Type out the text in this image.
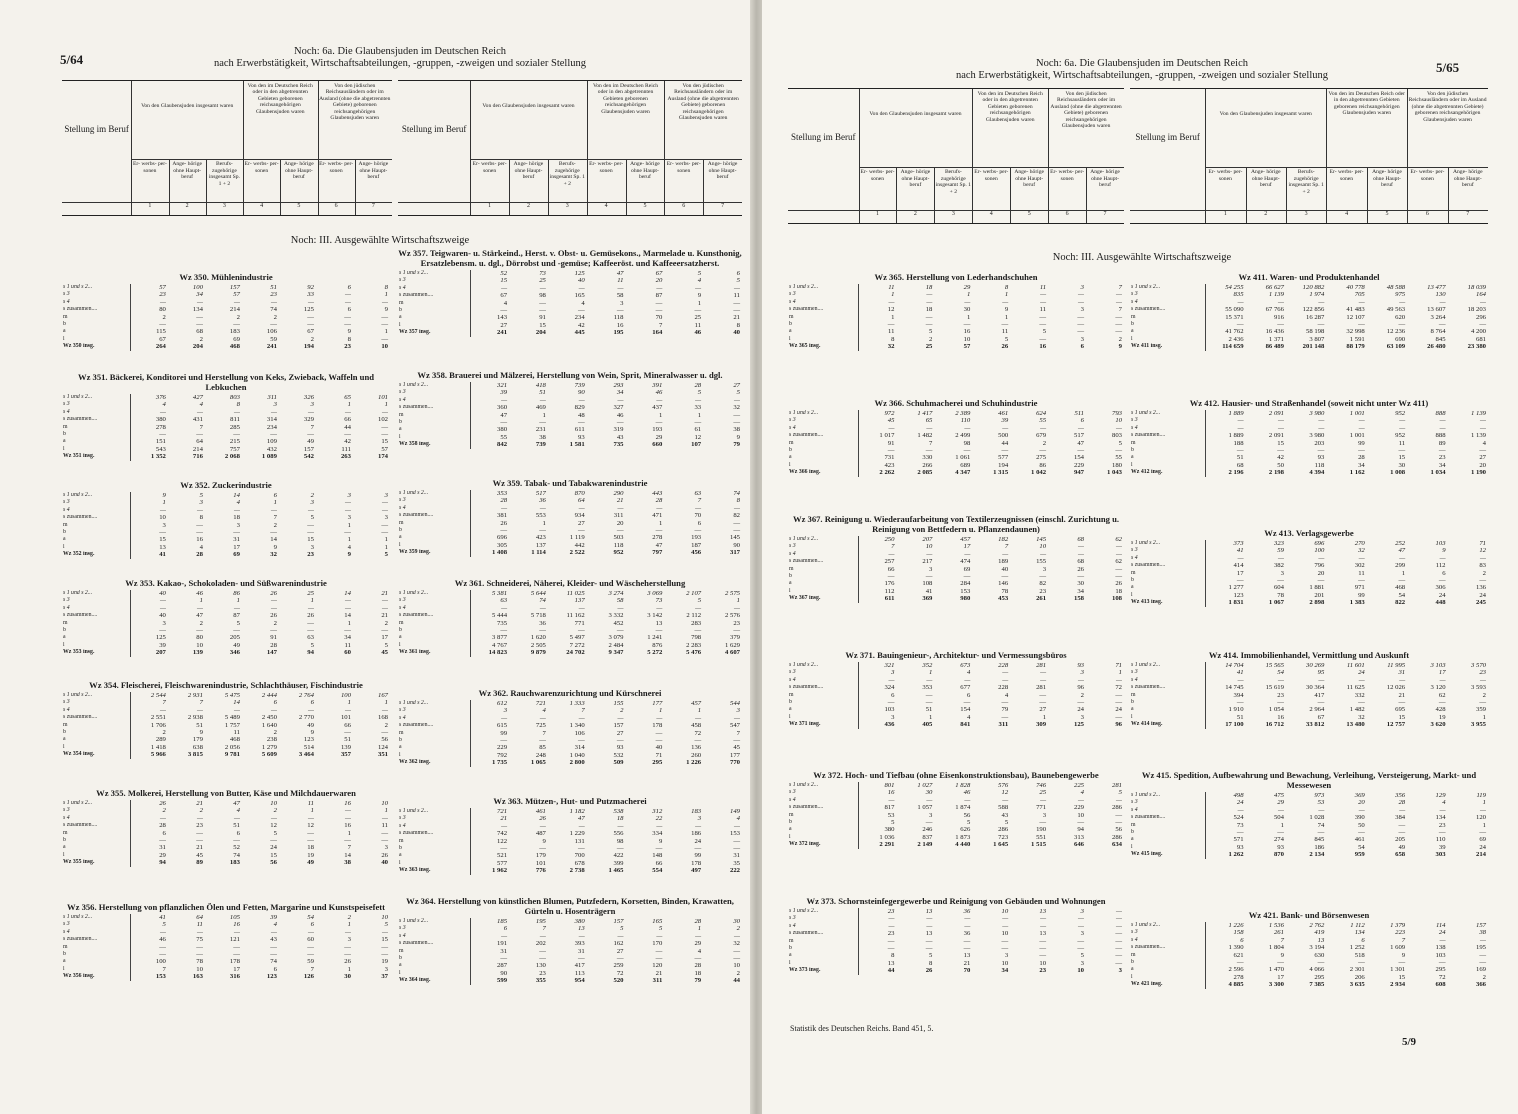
5/64
Noch: 6a. Die Glaubensjuden im Deutschen Reich
nach Erwerbstätigkeit, Wirtschaftsabteilungen, -gruppen, -zweigen und sozialer Stellung
Stellung im Beruf
Von den Glaubensjuden insgesamt waren
Von den im Deutschen Reich oder in den abgetrennten Gebieten geborenen reichsangehörigen Glaubensjuden waren
Von den jüdischen Reichsausländern oder im Ausland (ohne die abgetrennten Gebiete) geborenen reichsangehörigen Glaubensjuden waren
Er- werbs- per- sonen
1
Ange- hörige ohne Haupt- beruf
2
Berufs- zugehörige insgesamt Sp. 1 + 2
3
Er- werbs- per- sonen
4
Ange- hörige ohne Haupt- beruf
5
Er- werbs- per- sonen
6
Ange- hörige ohne Haupt- beruf
7
Stellung im Beruf
Von den Glaubensjuden insgesamt waren
Von den im Deutschen Reich oder in den abgetrennten Gebieten geborenen reichsangehörigen Glaubensjuden waren
Von den jüdischen Reichsausländern oder im Ausland (ohne die abgetrennten Gebiete) geborenen reichsangehörigen Glaubensjuden waren
Er- werbs- per- sonen
1
Ange- hörige ohne Haupt- beruf
2
Berufs- zugehörige insgesamt Sp. 1 + 2
3
Er- werbs- per- sonen
4
Ange- hörige ohne Haupt- beruf
5
Er- werbs- per- sonen
6
Ange- hörige ohne Haupt- beruf
7
Noch: III. Ausgewählte Wirtschaftszweige
Wz 350. Mühlenindustrie
s 1 und s 2...	57	100	157	51	92	6	8
s 3	23	34	57	23	33	—	1
s 4	—	—	—	—	—	—	—
s zusammen....	80	134	214	74	125	6	9
m	2	—	2	2	—	—	—
b	—	—	—	—	—	—	—
a	115	68	183	106	67	9	1
l	67	2	69	59	2	8	—
Wz 350 insg.	264	204	468	241	194	23	10
Wz 351. Bäckerei, Konditorei und Herstellung von Keks, Zwieback, Waffeln und Lebkuchen
s 1 und s 2...	376	427	803	311	326	65	101
s 3	4	4	8	3	3	1	1
s 4	—	—	—	—	—	—	—
s zusammen....	380	431	811	314	329	66	102
m	278	7	285	234	7	44	—
b	—	—	—	—	—	—	—
a	151	64	215	109	49	42	15
l	543	214	757	432	157	111	57
Wz 351 insg.	1 352	716	2 068	1 089	542	263	174
Wz 352. Zuckerindustrie
s 1 und s 2...	9	5	14	6	2	3	3
s 3	1	3	4	1	3	—	—
s 4	—	—	—	—	—	—	—
s zusammen....	10	8	18	7	5	3	3
m	3	—	3	2	—	1	—
b	—	—	—	—	—	—	—
a	15	16	31	14	15	1	1
l	13	4	17	9	3	4	1
Wz 352 insg.	41	28	69	32	23	9	5
Wz 353. Kakao-, Schokoladen- und Süßwarenindustrie
s 1 und s 2...	40	46	86	26	25	14	21
s 3	—	1	1	—	1	—	—
s 4	—	—	—	—	—	—	—
s zusammen....	40	47	87	26	26	14	21
m	3	2	5	2	—	1	2
b	—	—	—	—	—	—	—
a	125	80	205	91	63	34	17
l	39	10	49	28	5	11	5
Wz 353 insg.	207	139	346	147	94	60	45
Wz 354. Fleischerei, Fleischwarenindustrie, Schlachthäuser, Fischindustrie
s 1 und s 2...	2 544	2 931	5 475	2 444	2 764	100	167
s 3	7	7	14	6	6	1	1
s 4	—	—	—	—	—	—	—
s zusammen....	2 551	2 938	5 489	2 450	2 770	101	168
m	1 706	51	1 757	1 640	49	66	2
b	2	9	11	2	9	—	—
a	289	179	468	238	123	51	56
l	1 418	638	2 056	1 279	514	139	124
Wz 354 insg.	5 966	3 815	9 781	5 609	3 464	357	351
Wz 355. Molkerei, Herstellung von Butter, Käse und Milchdauerwaren
s 1 und s 2...	26	21	47	10	11	16	10
s 3	2	2	4	2	1	—	1
s 4	—	—	—	—	—	—	—
s zusammen....	28	23	51	12	12	16	11
m	6	—	6	5	—	1	—
b	—	—	—	—	—	—	—
a	31	21	52	24	18	7	3
l	29	45	74	15	19	14	26
Wz 355 insg.	94	89	183	56	49	38	40
Wz 356. Herstellung von pflanzlichen Ölen und Fetten, Margarine und Kunstspeisefett
s 1 und s 2...	41	64	105	39	54	2	10
s 3	5	11	16	4	6	1	5
s 4	—	—	—	—	—	—	—
s zusammen....	46	75	121	43	60	3	15
m	—	—	—	—	—	—	—
b	—	—	—	—	—	—	—
a	100	78	178	74	59	26	19
l	7	10	17	6	7	1	3
Wz 356 insg.	153	163	316	123	126	30	37
Wz 357. Teigwaren- u. Stärkeind., Herst. v. Obst- u. Gemüsekons., Marmelade u. Kunsthonig, Ersatzlebensm. u. dgl., Dörrobst und -gemüse; Kaffeeröst. und Kaffeeersatzherst.
s 1 und s 2...	52	73	125	47	67	5	6
s 3	15	25	40	11	20	4	5
s 4	—	—	—	—	—	—	—
s zusammen....	67	98	165	58	87	9	11
m	4	—	4	3	—	1	—
b	—	—	—	—	—	—	—
a	143	91	234	118	70	25	21
l	27	15	42	16	7	11	8
Wz 357 insg.	241	204	445	195	164	46	40
Wz 358. Brauerei und Mälzerei, Herstellung von Wein, Sprit, Mineralwasser u. dgl.
s 1 und s 2...	321	418	739	293	391	28	27
s 3	39	51	90	34	46	5	5
s 4	—	—	—	—	—	—	—
s zusammen....	360	469	829	327	437	33	32
m	47	1	48	46	1	1	—
b	—	—	—	—	—	—	—
a	380	231	611	319	193	61	38
l	55	38	93	43	29	12	9
Wz 358 insg.	842	739	1 581	735	660	107	79
Wz 359. Tabak- und Tabakwarenindustrie
s 1 und s 2...	353	517	870	290	443	63	74
s 3	28	36	64	21	28	7	8
s 4	—	—	—	—	—	—	—
s zusammen....	381	553	934	311	471	70	82
m	26	1	27	20	1	6	—
b	—	—	—	—	—	—	—
a	696	423	1 119	503	278	193	145
l	305	137	442	118	47	187	90
Wz 359 insg.	1 408	1 114	2 522	952	797	456	317
Wz 361. Schneiderei, Näherei, Kleider- und Wäscheherstellung
s 1 und s 2...	5 381	5 644	11 025	3 274	3 069	2 107	2 575
s 3	63	74	137	58	73	5	1
s 4	—	—	—	—	—	—	—
s zusammen....	5 444	5 718	11 162	3 332	3 142	2 112	2 576
m	735	36	771	452	13	283	23
b	—	—	—	—	—	—	—
a	3 877	1 620	5 497	3 079	1 241	798	379
l	4 767	2 505	7 272	2 484	876	2 283	1 629
Wz 361 insg.	14 823	9 879	24 702	9 347	5 272	5 476	4 607
Wz 362. Rauchwarenzurichtung und Kürschnerei
s 1 und s 2...	612	721	1 333	155	177	457	544
s 3	3	4	7	2	1	1	3
s 4	—	—	—	—	—	—	—
s zusammen....	615	725	1 340	157	178	458	547
m	99	7	106	27	—	72	7
b	—	—	—	—	—	—	—
a	229	85	314	93	40	136	45
l	792	248	1 040	532	71	260	177
Wz 362 insg.	1 735	1 065	2 800	509	295	1 226	770
Wz 363. Mützen-, Hut- und Putzmacherei
s 1 und s 2...	721	461	1 182	538	312	183	149
s 3	21	26	47	18	22	3	4
s 4	—	—	—	—	—	—	—
s zusammen....	742	487	1 229	556	334	186	153
m	122	9	131	98	9	24	—
b	—	—	—	—	—	—	—
a	521	179	700	422	148	99	31
l	577	101	678	399	66	178	35
Wz 363 insg.	1 962	776	2 738	1 465	554	497	222
Wz 364. Herstellung von künstlichen Blumen, Putzfedern, Korsetten, Binden, Krawatten, Gürteln u. Hosenträgern
s 1 und s 2...	185	195	380	157	165	28	30
s 3	6	7	13	5	5	1	2
s 4	—	—	—	—	—	—	—
s zusammen....	191	202	393	162	170	29	32
m	31	—	31	27	—	4	—
b	—	—	—	—	—	—	—
a	287	130	417	259	120	28	10
l	90	23	113	72	21	18	2
Wz 364 insg.	599	355	954	520	311	79	44
Noch: 6a. Die Glaubensjuden im Deutschen Reich
nach Erwerbstätigkeit, Wirtschaftsabteilungen, -gruppen, -zweigen und sozialer Stellung
5/65
Stellung im Beruf
Von den Glaubensjuden insgesamt waren
Von den im Deutschen Reich oder in den abgetrennten Gebieten geborenen reichsangehörigen Glaubensjuden waren
Von den jüdischen Reichsausländern oder im Ausland (ohne die abgetrennten Gebiete) geborenen reichsangehörigen Glaubensjuden waren
Er- werbs- per- sonen
1
Ange- hörige ohne Haupt- beruf
2
Berufs- zugehörige insgesamt Sp. 1 + 2
3
Er- werbs- per- sonen
4
Ange- hörige ohne Haupt- beruf
5
Er- werbs- per- sonen
6
Ange- hörige ohne Haupt- beruf
7
Stellung im Beruf
Von den Glaubensjuden insgesamt waren
Von den im Deutschen Reich oder in den abgetrennten Gebieten geborenen reichsangehörigen Glaubensjuden waren
Von den jüdischen Reichsausländern oder im Ausland (ohne die abgetrennten Gebiete) geborenen reichsangehörigen Glaubensjuden waren
Er- werbs- per- sonen
1
Ange- hörige ohne Haupt- beruf
2
Berufs- zugehörige insgesamt Sp. 1 + 2
3
Er- werbs- per- sonen
4
Ange- hörige ohne Haupt- beruf
5
Er- werbs- per- sonen
6
Ange- hörige ohne Haupt- beruf
7
Noch: III. Ausgewählte Wirtschaftszweige
Wz 365. Herstellung von Lederhandschuhen
s 1 und s 2...	11	18	29	8	11	3	7
s 3	1	—	1	1	—	—	—
s 4	—	—	—	—	—	—	—
s zusammen....	12	18	30	9	11	3	7
m	1	—	1	1	—	—	—
b	—	—	—	—	—	—	—
a	11	5	16	11	5	—	—
l	8	2	10	5	—	3	2
Wz 365 insg.	32	25	57	26	16	6	9
Wz 366. Schuhmacherei und Schuhindustrie
s 1 und s 2...	972	1 417	2 389	461	624	511	793
s 3	45	65	110	39	55	6	10
s 4	—	—	—	—	—	—	—
s zusammen....	1 017	1 482	2 499	500	679	517	803
m	91	7	98	44	2	47	5
b	—	—	—	—	—	—	—
a	731	330	1 061	577	275	154	55
l	423	266	689	194	86	229	180
Wz 366 insg.	2 262	2 085	4 347	1 315	1 042	947	1 043
Wz 367. Reinigung u. Wiederaufarbeitung von Textilerzeugnissen (einschl. Zurichtung u. Reinigung von Bettfedern u. Pflanzendaunen)
s 1 und s 2...	250	207	457	182	145	68	62
s 3	7	10	17	7	10	—	—
s 4	—	—	—	—	—	—	—
s zusammen....	257	217	474	189	155	68	62
m	66	3	69	40	3	26	—
b	—	—	—	—	—	—	—
a	176	108	284	146	82	30	26
l	112	41	153	78	23	34	18
Wz 367 insg.	611	369	980	453	261	158	108
Wz 371. Bauingenieur-, Architektur- und Vermessungsbüros
s 1 und s 2...	321	352	673	228	281	93	71
s 3	3	1	4	—	—	3	1
s 4	—	—	—	—	—	—	—
s zusammen....	324	353	677	228	281	96	72
m	6	—	6	4	—	2	—
b	—	—	—	—	—	—	—
a	103	51	154	79	27	24	24
l	3	1	4	—	1	3	—
Wz 371 insg.	436	405	841	311	309	125	96
Wz 372. Hoch- und Tiefbau (ohne Eisenkonstruktionsbau), Baunebengewerbe
s 1 und s 2...	801	1 027	1 828	576	746	225	281
s 3	16	30	46	12	25	4	5
s 4	—	—	—	—	—	—	—
s zusammen....	817	1 057	1 874	588	771	229	286
m	53	3	56	43	3	10	—
b	5	—	5	5	—	—	—
a	380	246	626	286	190	94	56
l	1 036	837	1 873	723	551	313	286
Wz 372 insg.	2 291	2 149	4 440	1 645	1 515	646	634
Wz 373. Schornsteinfegergewerbe und Reinigung von Gebäuden und Wohnungen
s 1 und s 2...	23	13	36	10	13	3	—
s 3	—	—	—	—	—	—	—
s 4	—	—	—	—	—	—	—
s zusammen....	23	13	36	10	13	3	—
m	—	—	—	—	—	—	—
b	—	—	—	—	—	—	—
a	8	5	13	3	—	5	—
l	13	8	21	10	10	3	—
Wz 373 insg.	44	26	70	34	23	10	3
Wz 411. Waren- und Produktenhandel
s 1 und s 2...	54 255	66 627	120 882	40 778	48 588	13 477	18 039
s 3	835	1 139	1 974	705	975	130	164
s 4	—	—	—	—	—	—	—
s zusammen....	55 090	67 766	122 856	41 483	49 563	13 607	18 203
m	15 371	916	16 287	12 107	620	3 264	296
b	—	—	—	—	—	—	—
a	41 762	16 436	58 198	32 998	12 236	8 764	4 200
l	2 436	1 371	3 807	1 591	690	845	681
Wz 411 insg.	114 659	86 489	201 148	88 179	63 109	26 480	23 380
Wz 412. Hausier- und Straßenhandel (soweit nicht unter Wz 411)
s 1 und s 2...	1 889	2 091	3 980	1 001	952	888	1 139
s 3	—	—	—	—	—	—	—
s 4	—	—	—	—	—	—	—
s zusammen....	1 889	2 091	3 980	1 001	952	888	1 139
m	188	15	203	99	11	89	4
b	—	—	—	—	—	—	—
a	51	42	93	28	15	23	27
l	68	50	118	34	30	34	20
Wz 412 insg.	2 196	2 198	4 394	1 162	1 008	1 034	1 190
Wz 413. Verlagsgewerbe
s 1 und s 2...	373	323	696	270	252	103	71
s 3	41	59	100	32	47	9	12
s 4	—	—	—	—	—	—	—
s zusammen....	414	382	796	302	299	112	83
m	17	3	20	11	1	6	2
b	—	—	—	—	—	—	—
a	1 277	604	1 881	971	468	306	136
l	123	78	201	99	54	24	24
Wz 413 insg.	1 831	1 067	2 898	1 383	822	448	245
Wz 414. Immobilienhandel, Vermittlung und Auskunft
s 1 und s 2...	14 704	15 565	30 269	11 601	11 995	3 103	3 570
s 3	41	54	95	24	31	17	23
s 4	—	—	—	—	—	—	—
s zusammen....	14 745	15 619	30 364	11 625	12 026	3 120	3 593
m	394	23	417	332	21	62	2
b	—	—	—	—	—	—	—
a	1 910	1 054	2 964	1 482	695	428	359
l	51	16	67	32	15	19	1
Wz 414 insg.	17 100	16 712	33 812	13 480	12 757	3 620	3 955
Wz 415. Spedition, Aufbewahrung und Bewachung, Verleihung, Versteigerung, Markt- und Messewesen
s 1 und s 2...	498	475	973	369	356	129	119
s 3	24	29	53	20	28	4	1
s 4	—	—	—	—	—	—	—
s zusammen....	524	504	1 028	390	384	134	120
m	73	1	74	50	—	23	1
b	—	—	—	—	—	—	—
a	571	274	845	461	205	110	69
l	93	93	186	54	49	39	24
Wz 415 insg.	1 262	870	2 134	959	658	303	214
Wz 421. Bank- und Börsenwesen
s 1 und s 2...	1 226	1 536	2 762	1 112	1 379	114	157
s 3	158	261	419	134	223	24	38
s 4	6	7	13	6	7	—	—
s zusammen....	1 390	1 804	3 194	1 252	1 609	138	195
m	621	9	630	518	9	103	—
b	—	—	—	—	—	—	—
a	2 596	1 470	4 066	2 301	1 301	295	169
l	278	17	295	206	15	72	2
Wz 421 insg.	4 885	3 300	7 385	3 635	2 934	608	366
Statistik des Deutschen Reichs. Band 451, 5.
5/9
